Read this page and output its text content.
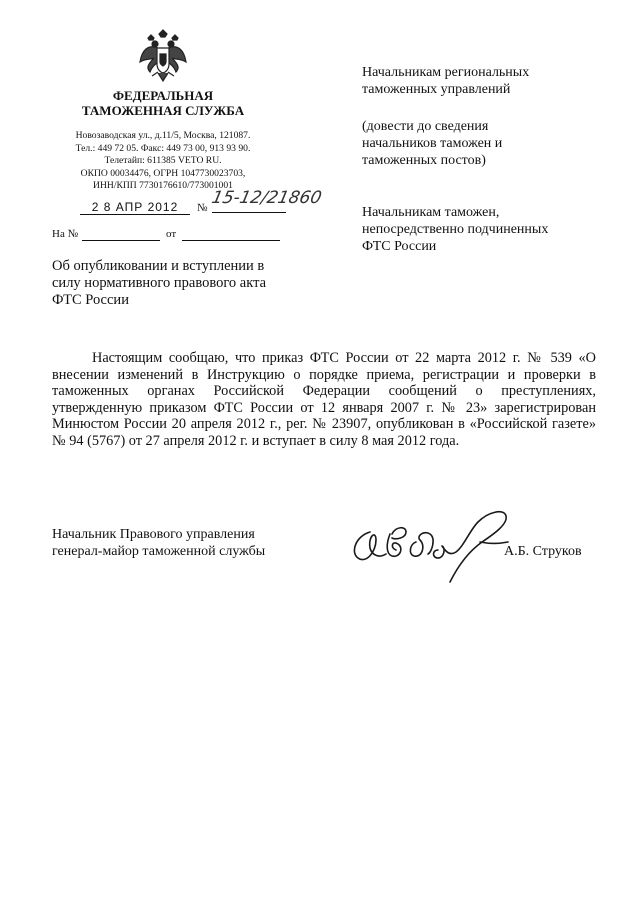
ФЕДЕРАЛЬНАЯ
ТАМОЖЕННАЯ СЛУЖБА
Новозаводская ул., д.11/5, Москва, 121087.
Тел.: 449 72 05. Факс: 449 73 00, 913 93 90.
Телетайп: 611385 VETO RU.
ОКПО 00034476, ОГРН 1047730023703,
ИНН/КПП 7730176610/773001001
2 8 АПР 2012	№ 15-12/21860
На №	от
Об опубликовании и вступлении в
силу нормативного правового акта
ФТС России
Начальникам региональных
таможенных управлений
(довести до сведения
начальников таможен и
таможенных постов)
Начальникам таможен,
непосредственно подчиненных
ФТС России
Настоящим сообщаю, что приказ ФТС России от 22 марта 2012 г. № 539 «О внесении изменений в Инструкцию о порядке приема, регистрации и проверки в таможенных органах Российской Федерации сообщений о преступлениях, утвержденную приказом ФТС России от 12 января 2007 г. № 23» зарегистрирован Минюстом России 20 апреля 2012 г., рег. № 23907, опубликован в «Российской газете» № 94 (5767) от 27 апреля 2012 г. и вступает в силу 8 мая 2012 года.
Начальник Правового управления
генерал-майор таможенной службы	А.Б. Струков
